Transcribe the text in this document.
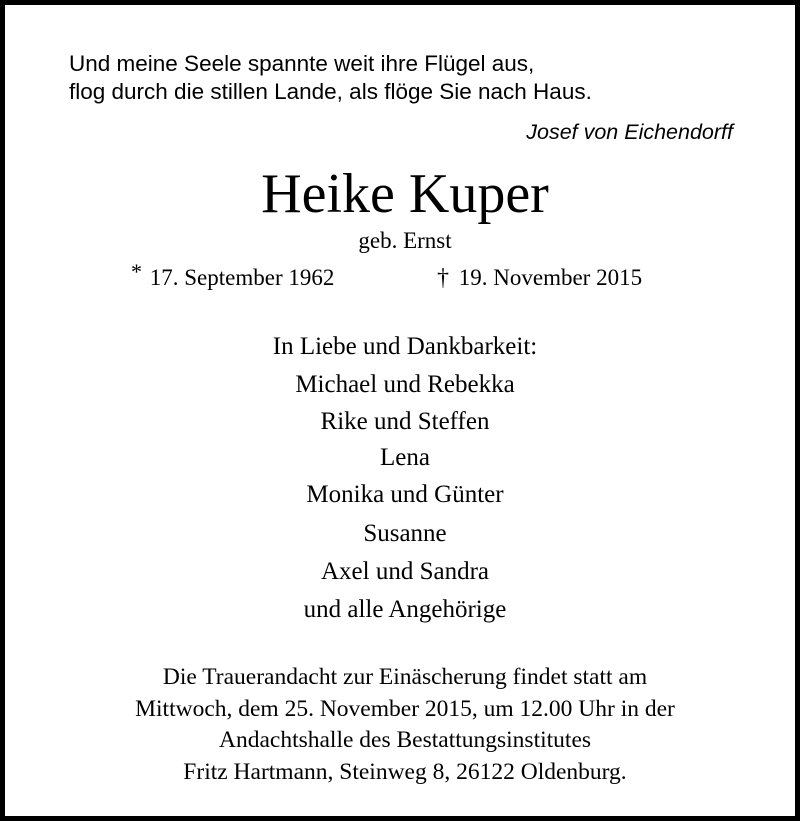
Und meine Seele spannte weit ihre Flügel aus,
flog durch die stillen Lande, als flöge Sie nach Haus.
Josef von Eichendorff
Heike Kuper
geb. Ernst
* 17. September 1962	† 19. November 2015
In Liebe und Dankbarkeit:
Michael und Rebekka
Rike und Steffen
Lena
Monika und Günter
Susanne
Axel und Sandra
und alle Angehörige
Die Trauerandacht zur Einäscherung findet statt am
Mittwoch, dem 25. November 2015, um 12.00 Uhr in der
Andachtshalle des Bestattungsinstitutes
Fritz Hartmann, Steinweg 8, 26122 Oldenburg.
